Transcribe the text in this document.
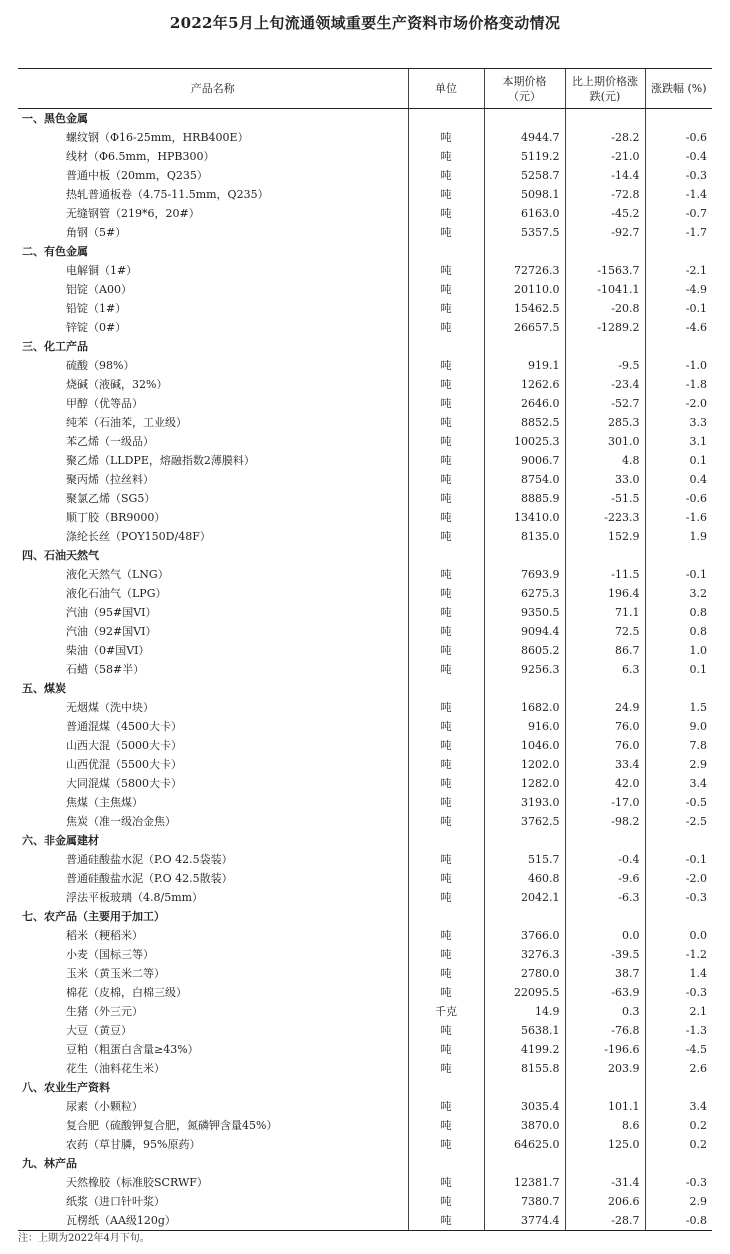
2022年5月上旬流通领域重要生产资料市场价格变动情况
产品名称	单位	本期价格（元）	比上期价格涨跌(元)	涨跌幅 (%)
一、黑色金属				
螺纹钢（Φ16-25mm，HRB400E）	吨	4944.7	-28.2	-0.6
线材（Φ6.5mm，HPB300）	吨	5119.2	-21.0	-0.4
普通中板（20mm，Q235）	吨	5258.7	-14.4	-0.3
热轧普通板卷（4.75-11.5mm，Q235）	吨	5098.1	-72.8	-1.4
无缝钢管（219*6，20#）	吨	6163.0	-45.2	-0.7
角钢（5#）	吨	5357.5	-92.7	-1.7
二、有色金属				
电解铜（1#）	吨	72726.3	-1563.7	-2.1
铝锭（A00）	吨	20110.0	-1041.1	-4.9
铅锭（1#）	吨	15462.5	-20.8	-0.1
锌锭（0#）	吨	26657.5	-1289.2	-4.6
三、化工产品				
硫酸（98%）	吨	919.1	-9.5	-1.0
烧碱（液碱，32%）	吨	1262.6	-23.4	-1.8
甲醇（优等品）	吨	2646.0	-52.7	-2.0
纯苯（石油苯，工业级）	吨	8852.5	285.3	3.3
苯乙烯（一级品）	吨	10025.3	301.0	3.1
聚乙烯（LLDPE，熔融指数2薄膜料）	吨	9006.7	4.8	0.1
聚丙烯（拉丝料）	吨	8754.0	33.0	0.4
聚氯乙烯（SG5）	吨	8885.9	-51.5	-0.6
顺丁胶（BR9000）	吨	13410.0	-223.3	-1.6
涤纶长丝（POY150D/48F）	吨	8135.0	152.9	1.9
四、石油天然气				
液化天然气（LNG）	吨	7693.9	-11.5	-0.1
液化石油气（LPG）	吨	6275.3	196.4	3.2
汽油（95#国VI）	吨	9350.5	71.1	0.8
汽油（92#国VI）	吨	9094.4	72.5	0.8
柴油（0#国VI）	吨	8605.2	86.7	1.0
石蜡（58#半）	吨	9256.3	6.3	0.1
五、煤炭				
无烟煤（洗中块）	吨	1682.0	24.9	1.5
普通混煤（4500大卡）	吨	916.0	76.0	9.0
山西大混（5000大卡）	吨	1046.0	76.0	7.8
山西优混（5500大卡）	吨	1202.0	33.4	2.9
大同混煤（5800大卡）	吨	1282.0	42.0	3.4
焦煤（主焦煤）	吨	3193.0	-17.0	-0.5
焦炭（准一级冶金焦）	吨	3762.5	-98.2	-2.5
六、非金属建材				
普通硅酸盐水泥（P.O 42.5袋装）	吨	515.7	-0.4	-0.1
普通硅酸盐水泥（P.O 42.5散装）	吨	460.8	-9.6	-2.0
浮法平板玻璃（4.8/5mm）	吨	2042.1	-6.3	-0.3
七、农产品（主要用于加工）				
稻米（粳稻米）	吨	3766.0	0.0	0.0
小麦（国标三等）	吨	3276.3	-39.5	-1.2
玉米（黄玉米二等）	吨	2780.0	38.7	1.4
棉花（皮棉，白棉三级）	吨	22095.5	-63.9	-0.3
生猪（外三元）	千克	14.9	0.3	2.1
大豆（黄豆）	吨	5638.1	-76.8	-1.3
豆粕（粗蛋白含量≥43%）	吨	4199.2	-196.6	-4.5
花生（油料花生米）	吨	8155.8	203.9	2.6
八、农业生产资料				
尿素（小颗粒）	吨	3035.4	101.1	3.4
复合肥（硫酸钾复合肥，氮磷钾含量45%）	吨	3870.0	8.6	0.2
农药（草甘膦，95%原药）	吨	64625.0	125.0	0.2
九、林产品				
天然橡胶（标准胶SCRWF）	吨	12381.7	-31.4	-0.3
纸浆（进口针叶浆）	吨	7380.7	206.6	2.9
瓦楞纸（AA级120g）	吨	3774.4	-28.7	-0.8
注：上期为2022年4月下旬。
